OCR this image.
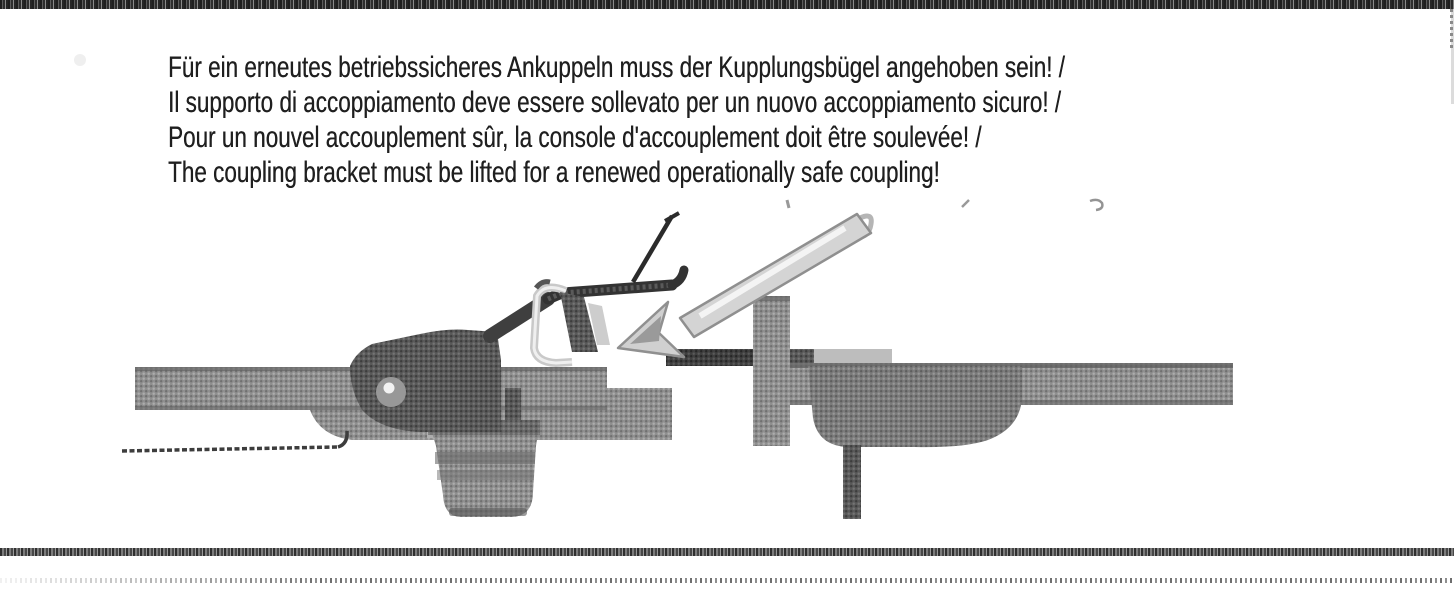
Für ein erneutes betriebssicheres Ankuppeln muss der Kupplungsbügel angehoben sein! /

Il supporto di accoppiamento deve essere sollevato per un nuovo accoppiamento sicuro! /

Pour un nouvel accouplement sûr, la console d'accouplement doit être soulevée! /

The coupling bracket must be lifted for a renewed operationally safe coupling!
